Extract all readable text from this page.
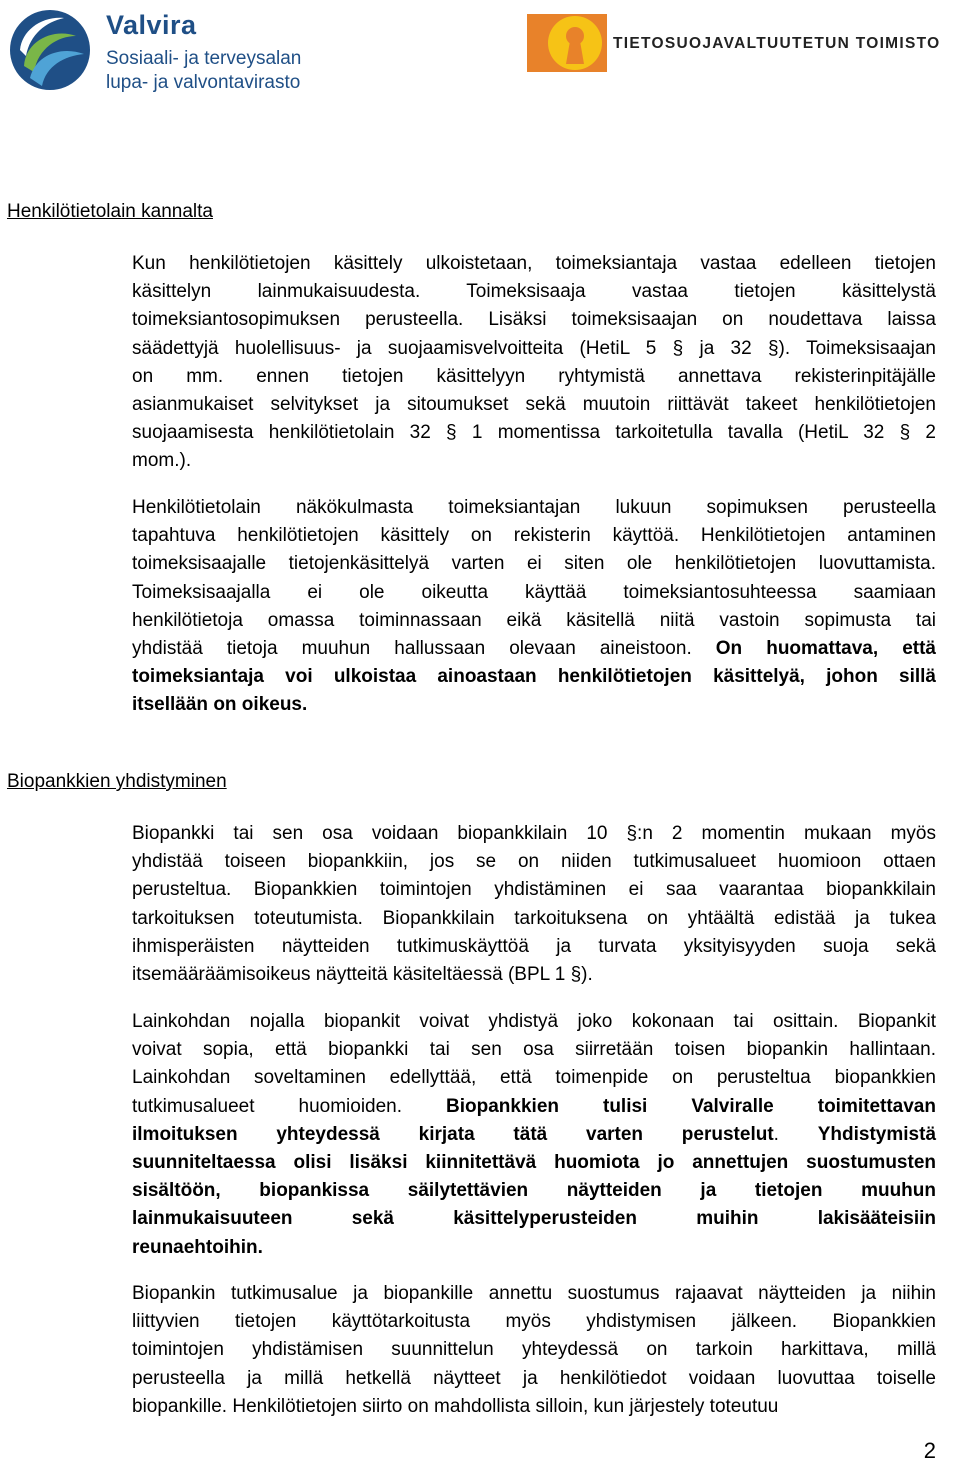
Valvira
Sosiaali- ja terveysalan
lupa- ja valvontavirasto
TIETOSUOJAVALTUUTETUN TOIMISTO
Henkilötietolain kannalta
Kun henkilötietojen käsittely ulkoistetaan, toimeksiantaja vastaa edelleen tietojen
käsittelyn lainmukaisuudesta. Toimeksisaaja vastaa tietojen käsittelystä
toimeksiantosopimuksen perusteella. Lisäksi toimeksisaajan on noudettava laissa
säädettyjä huolellisuus- ja suojaamisvelvoitteita (HetiL 5 § ja 32 §). Toimeksisaajan
on mm. ennen tietojen käsittelyyn ryhtymistä annettava rekisterinpitäjälle
asianmukaiset selvitykset ja sitoumukset sekä muutoin riittävät takeet henkilötietojen
suojaamisesta henkilötietolain 32 § 1 momentissa tarkoitetulla tavalla (HetiL 32 § 2
mom.).
Henkilötietolain näkökulmasta toimeksiantajan lukuun sopimuksen perusteella
tapahtuva henkilötietojen käsittely on rekisterin käyttöä. Henkilötietojen antaminen
toimeksisaajalle tietojenkäsittelyä varten ei siten ole henkilötietojen luovuttamista.
Toimeksisaajalla ei ole oikeutta käyttää toimeksiantosuhteessa saamiaan
henkilötietoja omassa toiminnassaan eikä käsitellä niitä vastoin sopimusta tai
yhdistää tietoja muuhun hallussaan olevaan aineistoon. On huomattava, että
toimeksiantaja voi ulkoistaa ainoastaan henkilötietojen käsittelyä, johon sillä
itsellään on oikeus.
Biopankkien yhdistyminen
Biopankki tai sen osa voidaan biopankkilain 10 §:n 2 momentin mukaan myös
yhdistää toiseen biopankkiin, jos se on niiden tutkimusalueet huomioon ottaen
perusteltua. Biopankkien toimintojen yhdistäminen ei saa vaarantaa biopankkilain
tarkoituksen toteutumista. Biopankkilain tarkoituksena on yhtäältä edistää ja tukea
ihmisperäisten näytteiden tutkimuskäyttöä ja turvata yksityisyyden suoja sekä
itsemääräämisoikeus näytteitä käsiteltäessä (BPL 1 §).
Lainkohdan nojalla biopankit voivat yhdistyä joko kokonaan tai osittain. Biopankit
voivat sopia, että biopankki tai sen osa siirretään toisen biopankin hallintaan.
Lainkohdan soveltaminen edellyttää, että toimenpide on perusteltua biopankkien
tutkimusalueet huomioiden. Biopankkien tulisi Valviralle toimitettavan
ilmoituksen yhteydessä kirjata tätä varten perustelut. Yhdistymistä
suunniteltaessa olisi lisäksi kiinnitettävä huomiota jo annettujen suostumusten
sisältöön, biopankissa säilytettävien näytteiden ja tietojen muuhun
lainmukaisuuteen sekä käsittelyperusteiden muihin lakisääteisiin
reunaehtoihin.
Biopankin tutkimusalue ja biopankille annettu suostumus rajaavat näytteiden ja niihin
liittyvien tietojen käyttötarkoitusta myös yhdistymisen jälkeen. Biopankkien
toimintojen yhdistämisen suunnittelun yhteydessä on tarkoin harkittava, millä
perusteella ja millä hetkellä näytteet ja henkilötiedot voidaan luovuttaa toiselle
biopankille. Henkilötietojen siirto on mahdollista silloin, kun järjestely toteutuu
2
